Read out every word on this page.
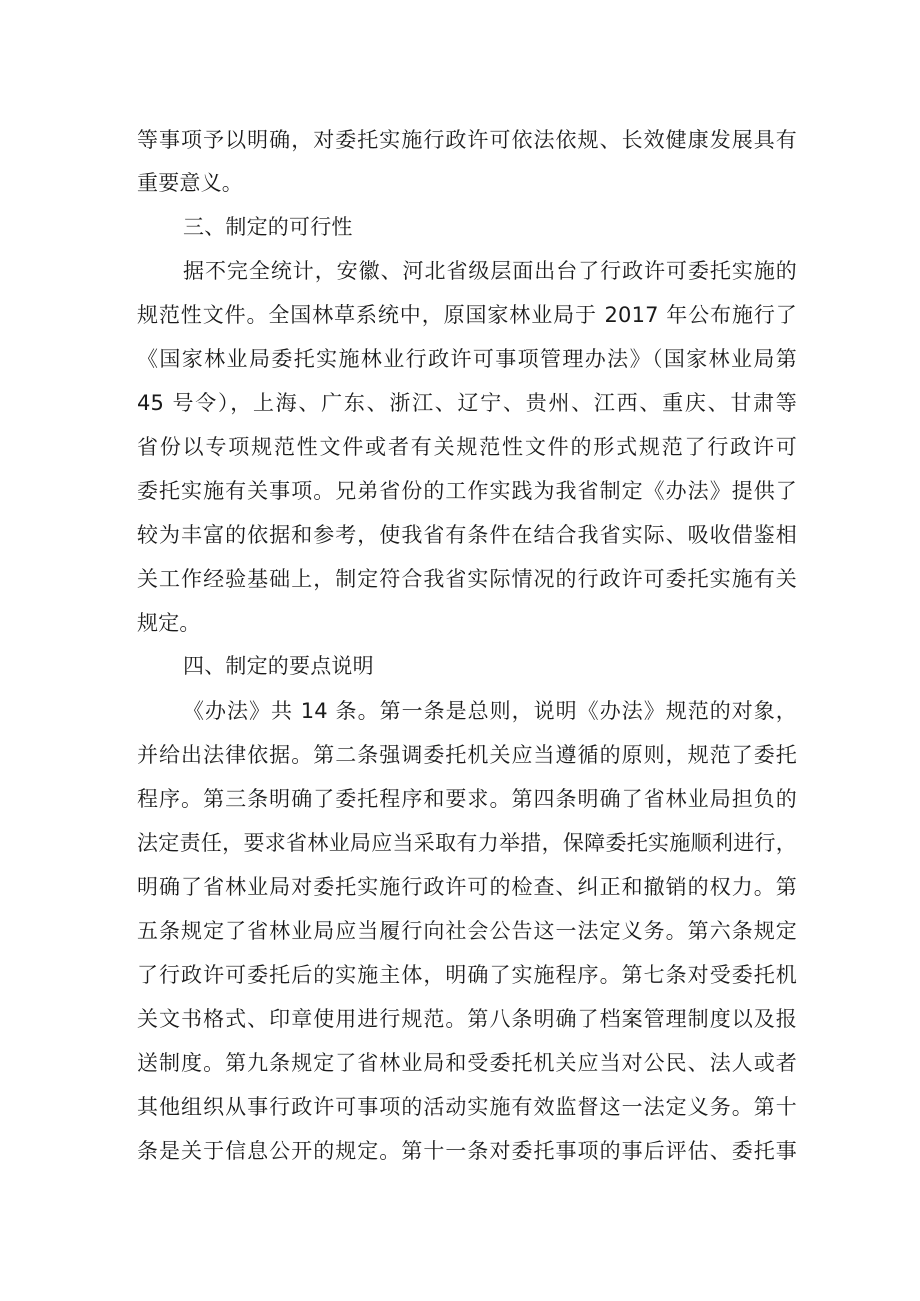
等事项予以明确，对委托实施行政许可依法依规、长效健康发展具有
重要意义。
三、制定的可行性
据不完全统计，安徽、河北省级层面出台了行政许可委托实施的
规范性文件。全国林草系统中，原国家林业局于 2017 年公布施行了
《国家林业局委托实施林业行政许可事项管理办法》（国家林业局第
45 号令），上海、广东、浙江、辽宁、贵州、江西、重庆、甘肃等
省份以专项规范性文件或者有关规范性文件的形式规范了行政许可
委托实施有关事项。兄弟省份的工作实践为我省制定《办法》提供了
较为丰富的依据和参考，使我省有条件在结合我省实际、吸收借鉴相
关工作经验基础上，制定符合我省实际情况的行政许可委托实施有关
规定。
四、制定的要点说明
《办法》共 14 条。第一条是总则，说明《办法》规范的对象，
并给出法律依据。第二条强调委托机关应当遵循的原则，规范了委托
程序。第三条明确了委托程序和要求。第四条明确了省林业局担负的
法定责任，要求省林业局应当采取有力举措，保障委托实施顺利进行，
明确了省林业局对委托实施行政许可的检查、纠正和撤销的权力。第
五条规定了省林业局应当履行向社会公告这一法定义务。第六条规定
了行政许可委托后的实施主体，明确了实施程序。第七条对受委托机
关文书格式、印章使用进行规范。第八条明确了档案管理制度以及报
送制度。第九条规定了省林业局和受委托机关应当对公民、法人或者
其他组织从事行政许可事项的活动实施有效监督这一法定义务。第十
条是关于信息公开的规定。第十一条对委托事项的事后评估、委托事
